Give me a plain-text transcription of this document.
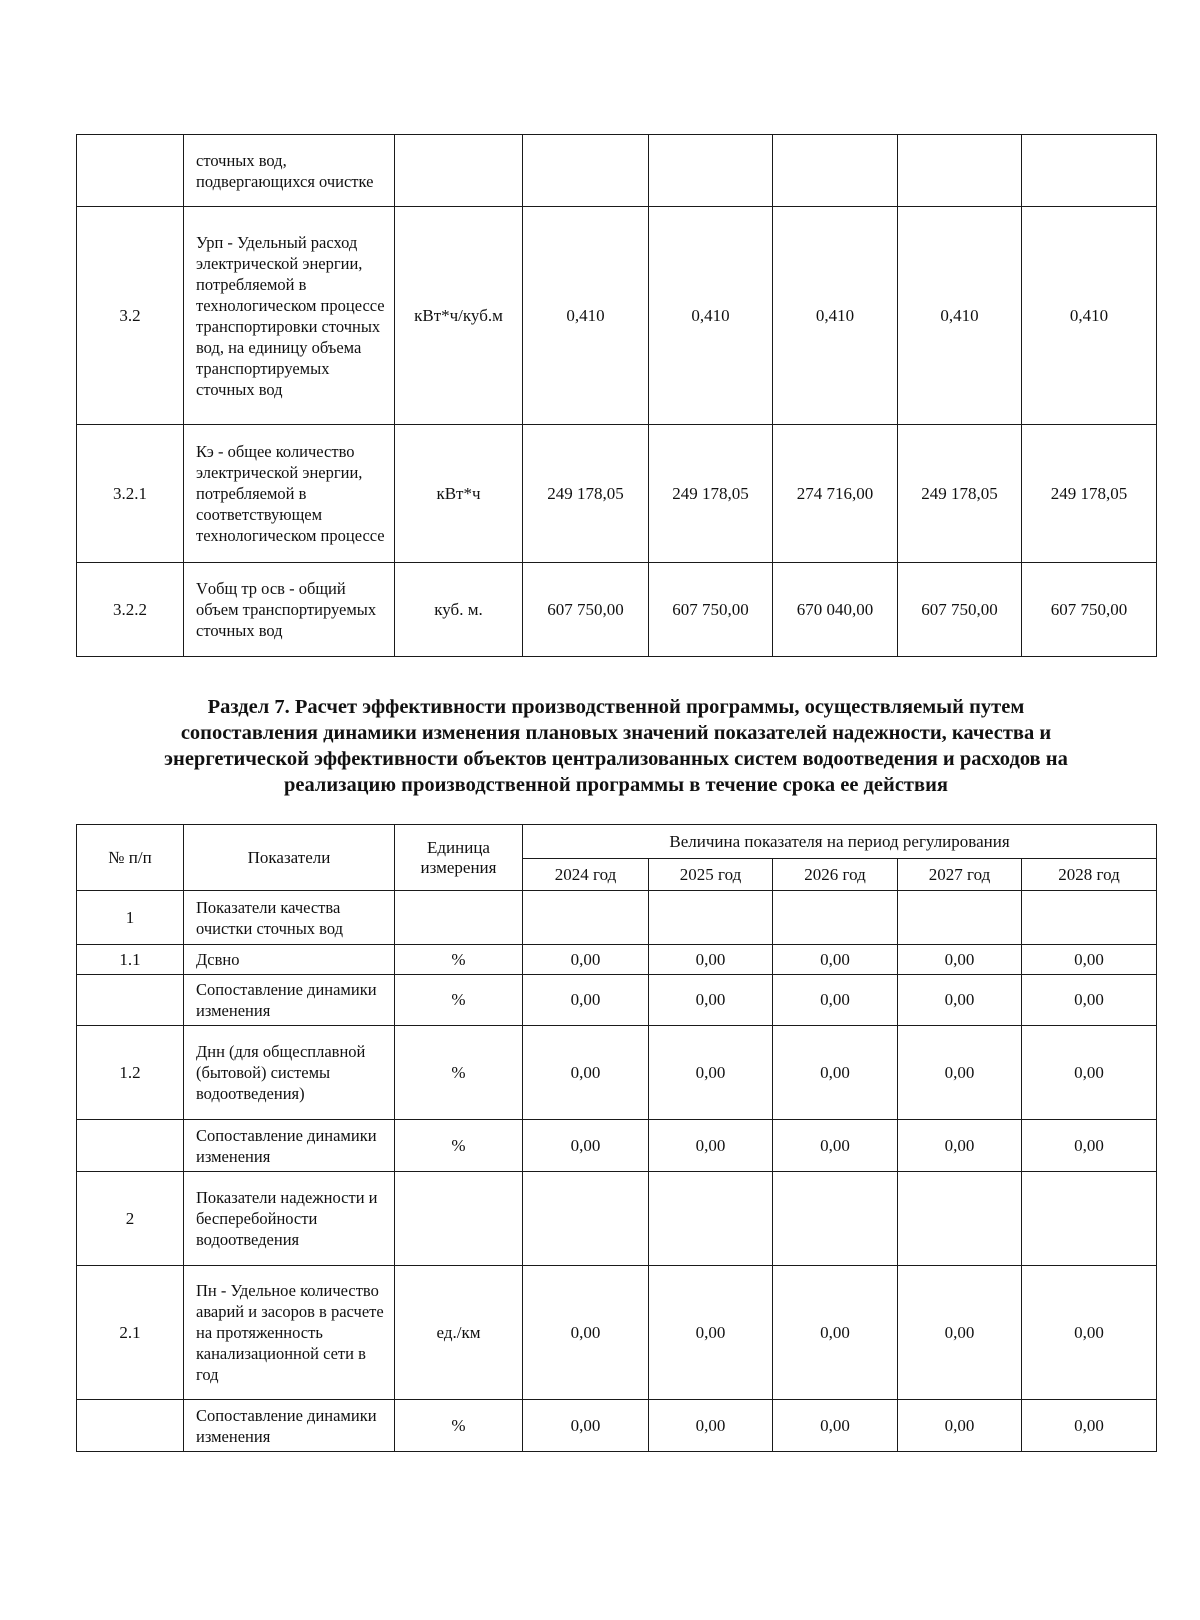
	сточных вод, подвергающихся очистке						
3.2	Урп - Удельный расход электрической энергии, потребляемой в технологическом процессе транспортировки сточных вод, на единицу объема транспортируемых сточных вод	кВт*ч/куб.м	0,410	0,410	0,410	0,410	0,410
3.2.1	Кэ - общее количество электрической энергии, потребляемой в соответствующем технологическом процессе	кВт*ч	249 178,05	249 178,05	274 716,00	249 178,05	249 178,05
3.2.2	Vобщ тр осв - общий объем транспортируемых сточных вод	куб. м.	607 750,00	607 750,00	670 040,00	607 750,00	607 750,00
Раздел 7. Расчет эффективности производственной программы, осуществляемый путем
сопоставления динамики изменения плановых значений показателей надежности, качества и
энергетической эффективности объектов централизованных систем водоотведения и расходов на
реализацию производственной программы в течение срока ее действия
№ п/п	Показатели	Единица измерения	Величина показателя на период регулирования				
			2024 год	2025 год	2026 год	2027 год	2028 год
1	Показатели качества очистки сточных вод						
1.1	Дсвно	%	0,00	0,00	0,00	0,00	0,00
	Сопоставление динамики изменения	%	0,00	0,00	0,00	0,00	0,00
1.2	Днн (для общесплавной (бытовой) системы водоотведения)	%	0,00	0,00	0,00	0,00	0,00
	Сопоставление динамики изменения	%	0,00	0,00	0,00	0,00	0,00
2	Показатели надежности и бесперебойности водоотведения						
2.1	Пн - Удельное количество аварий и засоров в расчете на протяженность канализационной сети в год	ед./км	0,00	0,00	0,00	0,00	0,00
	Сопоставление динамики изменения	%	0,00	0,00	0,00	0,00	0,00
